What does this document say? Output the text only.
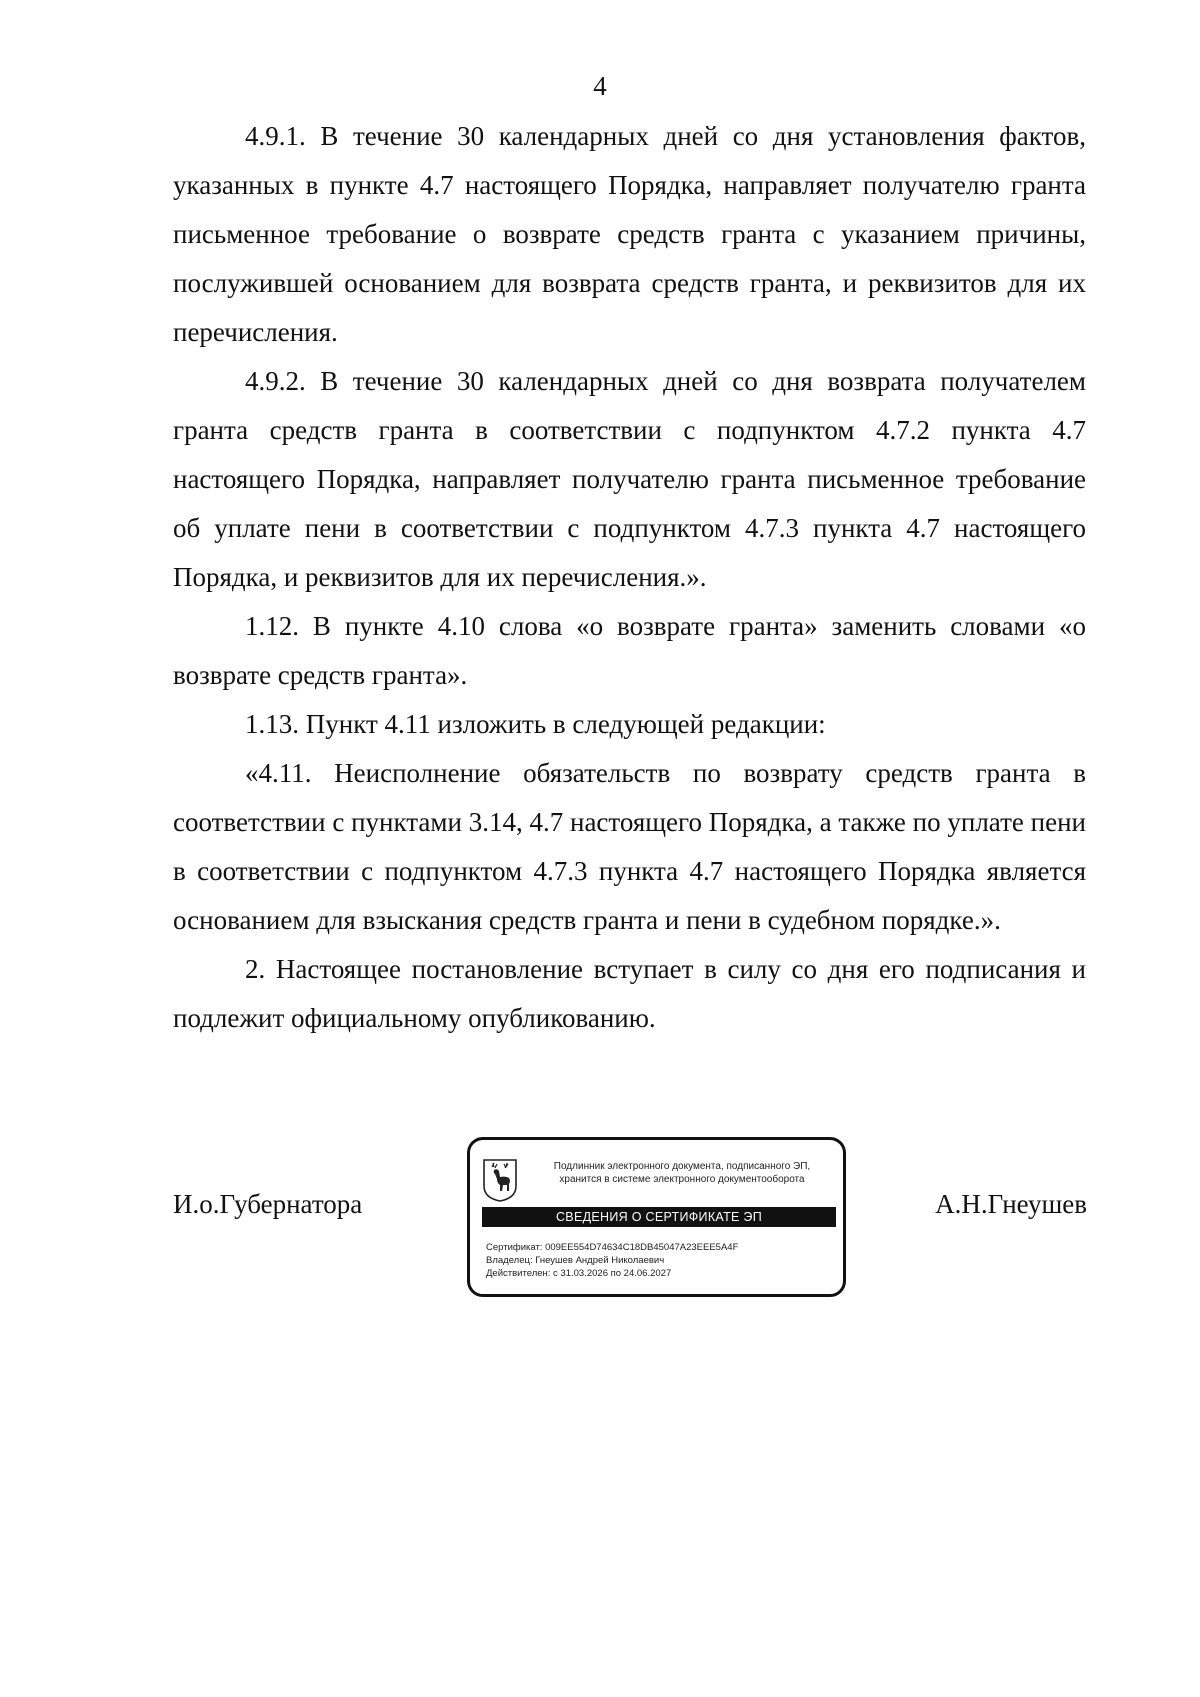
4

4.9.1. В течение 30 календарных дней со дня установления фактов, указанных в пункте 4.7 настоящего Порядка, направляет получателю гранта письменное требование о возврате средств гранта с указанием причины, послужившей основанием для возврата средств гранта, и реквизитов для их перечисления.

4.9.2. В течение 30 календарных дней со дня возврата получателем гранта средств гранта в соответствии с подпунктом 4.7.2 пункта 4.7 настоящего Порядка, направляет получателю гранта письменное требование об уплате пени в соответствии с подпунктом 4.7.3 пункта 4.7 настоящего Порядка, и реквизитов для их перечисления.».

1.12. В пункте 4.10 слова «о возврате гранта» заменить словами «о возврате средств гранта».

1.13. Пункт 4.11 изложить в следующей редакции:

«4.11. Неисполнение обязательств по возврату средств гранта в соответствии с пунктами 3.14, 4.7 настоящего Порядка, а также по уплате пени в соответствии с подпунктом 4.7.3 пункта 4.7 настоящего Порядка является основанием для взыскания средств гранта и пени в судебном порядке.».

2. Настоящее постановление вступает в силу со дня его подписания и подлежит официальному опубликованию.

И.о.Губернатора	А.Н.Гнеушев
Подлинник электронного документа, подписанного ЭП,
хранится в системе электронного документооборота
СВЕДЕНИЯ О СЕРТИФИКАТЕ ЭП
Сертификат: 009EE554D74634C18DB45047A23EEE5A4F
Владелец: Гнеушев Андрей Николаевич
Действителен: с 31.03.2026 по 24.06.2027
